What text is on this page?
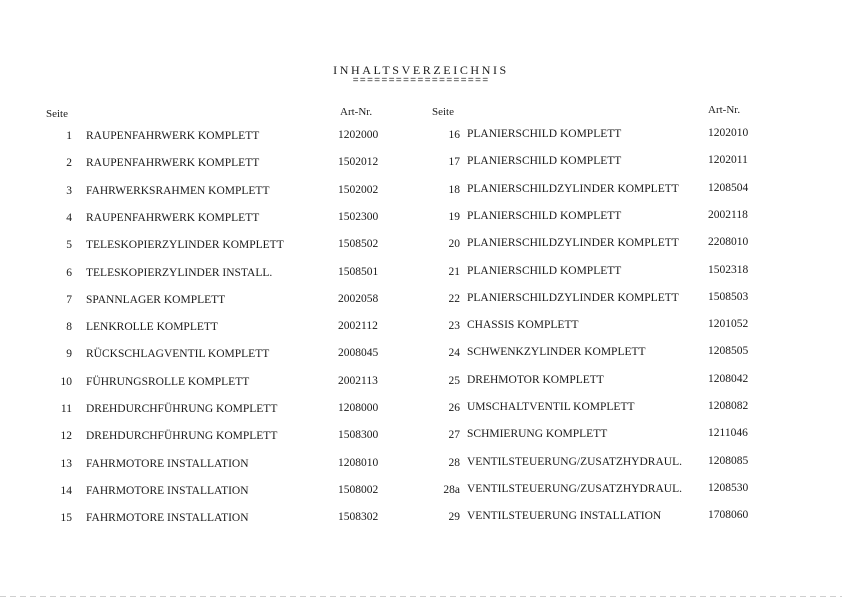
INHALTSVERZEICHNIS
===================
Seite	Art-Nr.	Seite	Art-Nr.
1 RAUPENFAHRWERK KOMPLETT	1202000	16 PLANIERSCHILD KOMPLETT	1202010
2 RAUPENFAHRWERK KOMPLETT	1502012	17 PLANIERSCHILD KOMPLETT	1202011
3 FAHRWERKSRAHMEN KOMPLETT	1502002	18 PLANIERSCHILDZYLINDER KOMPLETT	1208504
4 RAUPENFAHRWERK KOMPLETT	1502300	19 PLANIERSCHILD KOMPLETT	2002118
5 TELESKOPIERZYLINDER KOMPLETT	1508502	20 PLANIERSCHILDZYLINDER KOMPLETT	2208010
6 TELESKOPIERZYLINDER INSTALL.	1508501	21 PLANIERSCHILD KOMPLETT	1502318
7 SPANNLAGER KOMPLETT	2002058	22 PLANIERSCHILDZYLINDER KOMPLETT	1508503
8 LENKROLLE KOMPLETT	2002112	23 CHASSIS KOMPLETT	1201052
9 RÜCKSCHLAGVENTIL KOMPLETT	2008045	24 SCHWENKZYLINDER KOMPLETT	1208505
10 FÜHRUNGSROLLE KOMPLETT	2002113	25 DREHMOTOR KOMPLETT	1208042
11 DREHDURCHFÜHRUNG KOMPLETT	1208000	26 UMSCHALTVENTIL KOMPLETT	1208082
12 DREHDURCHFÜHRUNG KOMPLETT	1508300	27 SCHMIERUNG KOMPLETT	1211046
13 FAHRMOTORE INSTALLATION	1208010	28 VENTILSTEUERUNG/ZUSATZHYDRAUL. 1208085
14 FAHRMOTORE INSTALLATION	1508002	28a VENTILSTEUERUNG/ZUSATZHYDRAUL. 1208530
15 FAHRMOTORE INSTALLATION	1508302	29 VENTILSTEUERUNG INSTALLATION	1708060
